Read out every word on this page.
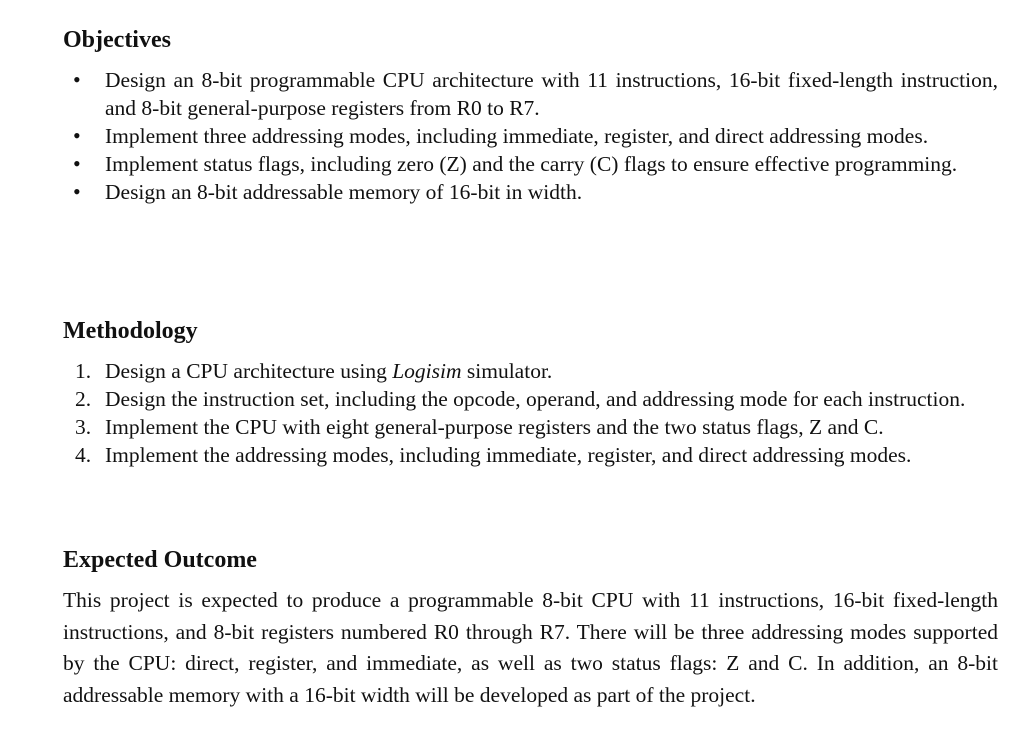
Objectives
• Design an 8-bit programmable CPU architecture with 11 instructions, 16-bit fixed-length instruction, and 8-bit general-purpose registers from R0 to R7.
• Implement three addressing modes, including immediate, register, and direct addressing modes.
• Implement status flags, including zero (Z) and the carry (C) flags to ensure effective programming.
• Design an 8-bit addressable memory of 16-bit in width.
Methodology
1. Design a CPU architecture using Logisim simulator.
2. Design the instruction set, including the opcode, operand, and addressing mode for each instruction.
3. Implement the CPU with eight general-purpose registers and the two status flags, Z and C.
4. Implement the addressing modes, including immediate, register, and direct addressing modes.
Expected Outcome

This project is expected to produce a programmable 8-bit CPU with 11 instructions, 16-bit fixed-length instructions, and 8-bit registers numbered R0 through R7. There will be three addressing modes supported by the CPU: direct, register, and immediate, as well as two status flags: Z and C. In addition, an 8-bit addressable memory with a 16-bit width will be developed as part of the project.
